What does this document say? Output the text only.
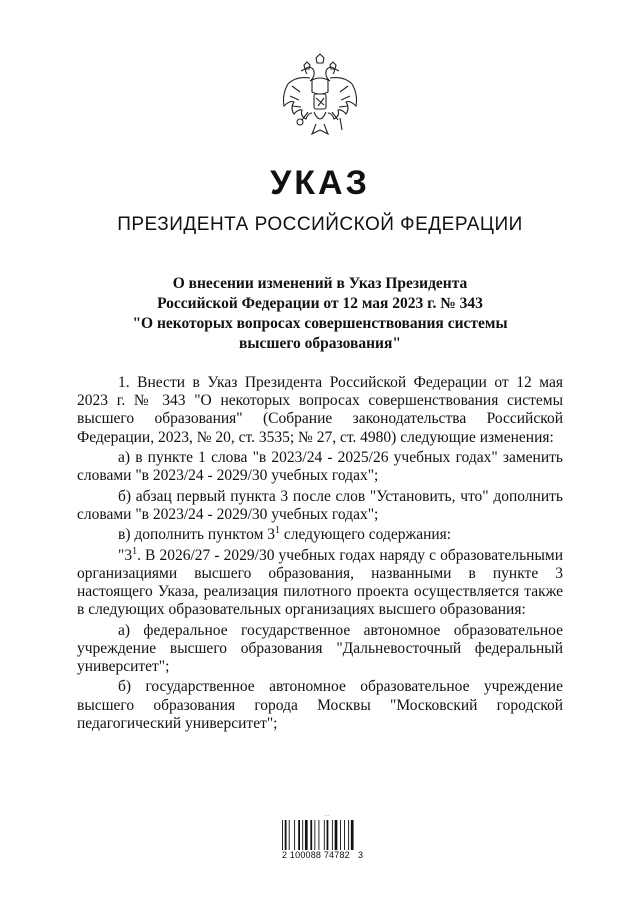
УКАЗ
ПРЕЗИДЕНТА РОССИЙСКОЙ ФЕДЕРАЦИИ
О внесении изменений в Указ Президента
Российской Федерации от 12 мая 2023 г. № 343
"О некоторых вопросах совершенствования системы
высшего образования"

1. Внести в Указ Президента Российской Федерации от 12 мая 2023 г. № 343 "О некоторых вопросах совершенствования системы высшего образования" (Собрание законодательства Российской Федерации, 2023, № 20, ст. 3535; № 27, ст. 4980) следующие изменения:

а) в пункте 1 слова "в 2023/24 - 2025/26 учебных годах" заменить словами "в 2023/24 - 2029/30 учебных годах";

б) абзац первый пункта 3 после слов "Установить, что" дополнить словами "в 2023/24 - 2029/30 учебных годах";

в) дополнить пунктом $3^1$ следующего содержания:

"$3^1$. В 2026/27 - 2029/30 учебных годах наряду с образовательными организациями высшего образования, названными в пункте 3 настоящего Указа, реализация пилотного проекта осуществляется также в следующих образовательных организациях высшего образования:

а) федеральное государственное автономное образовательное учреждение высшего образования "Дальневосточный федеральный университет";

б) государственное автономное образовательное учреждение высшего образования города Москвы "Московский городской педагогический университет";

...
2 100088 74782   3
